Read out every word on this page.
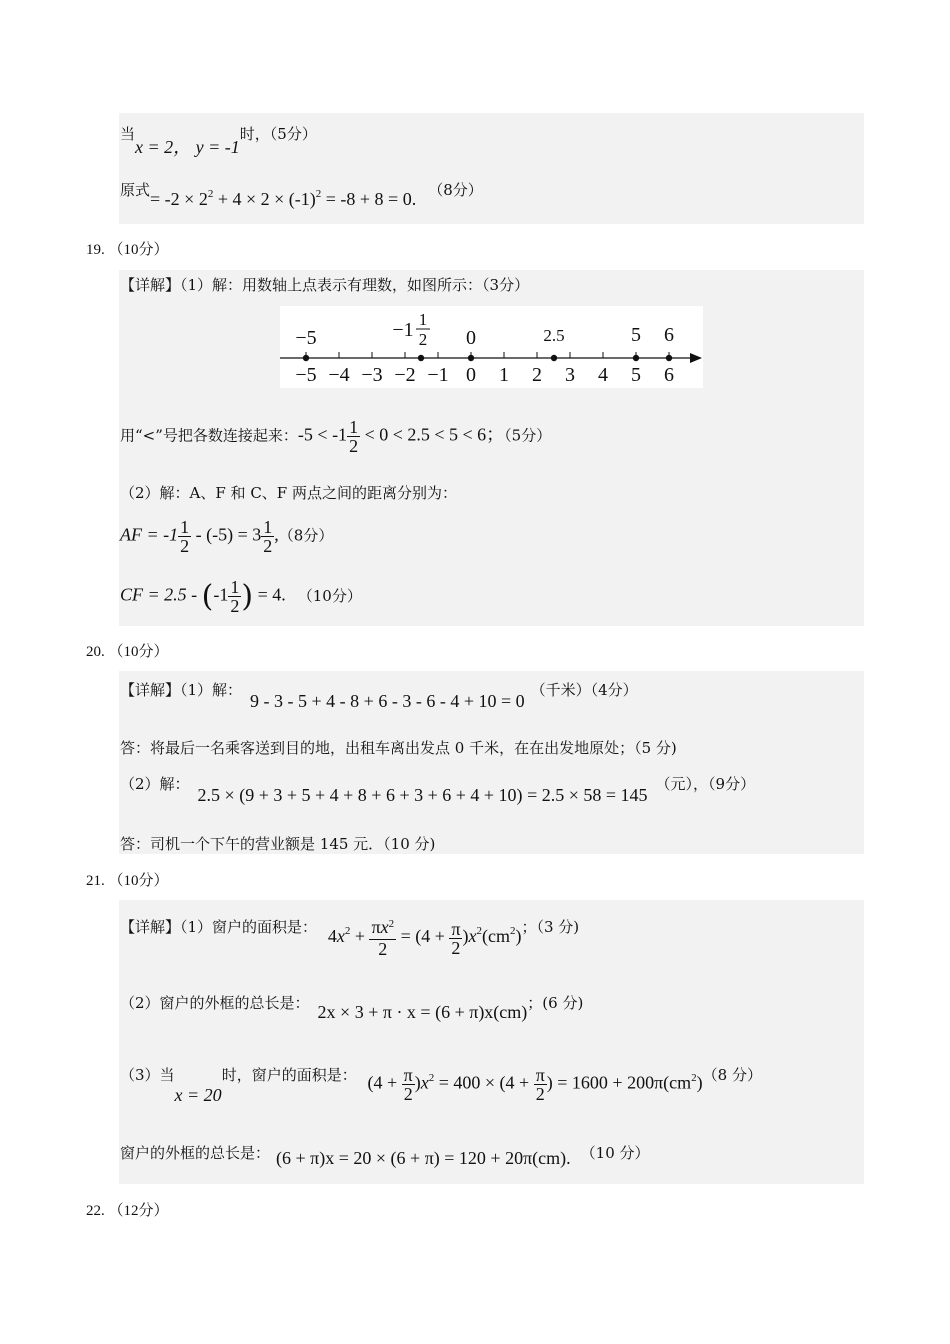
当x = 2， y = -1时，（5分）
原式= $-2 \times 2^2 + 4 \times 2 \times (-1)^2 = -8 + 8 = 0$. （8分）
19. （10分）
【详解】（1）解：用数轴上点表示有理数，如图所示：（3分）
−5 −4 −3 −2 −1 0 1 2 3 4 5 6
−5	−1 1
2 0	2.5	5 6
用“<”号把各数连接起来：$-5 < -1 \frac{1}{2} < 0 < 2.5 < 5 < 6$；（5分）
（2）解：A、F 和 C、F 两点之间的距离分别为：
AF = $-1 \frac{1}{2} - (-5) = 3 \frac{1}{2} ,(8$分）
CF = $2.5 - (-1 \frac{1}{2}$ ) = 4. （10分）
20. （10分）
【详解】（1）解：9 - 3 - 5 + 4 - 8 + 6 - 3 - 6 - 4 + 10 = 0（千米）（4分）
答：将最后一名乘客送到目的地，出租车离出发点 0 千米，在在出发地原处；（5 分)
（2）解：2.5 × (9 + 3 + 5 + 4 + 8 + 6 + 3 + 6 + 4 + 10) = 2.5 × 58 = 145（元），（9分）
答：司机一个下午的营业额是 145 元．（10 分)
21. （10分）
【详解】（1）窗户的面积是： $4x^2 + \frac{\pi x^2}{2} = (4 + \frac{\pi}{2} )x^2(cm^2)$；（3 分)
（2）窗户的外框的总长是： 2x × 3 + π · x = (6 + π)x(cm)；(6 分)
（3）当x = 20时，窗户的面积是： $(4 + \frac{\pi}{2} )x^2 = 400 \times (4 + \frac{\pi}{2}$ ) = $1600 + 200\pi(cm^2)(8$ 分）
窗户的外框的总长是： (6 + π)x = 20 × (6 + π) = 120 + 20π(cm). （10 分）
22. （12分）
